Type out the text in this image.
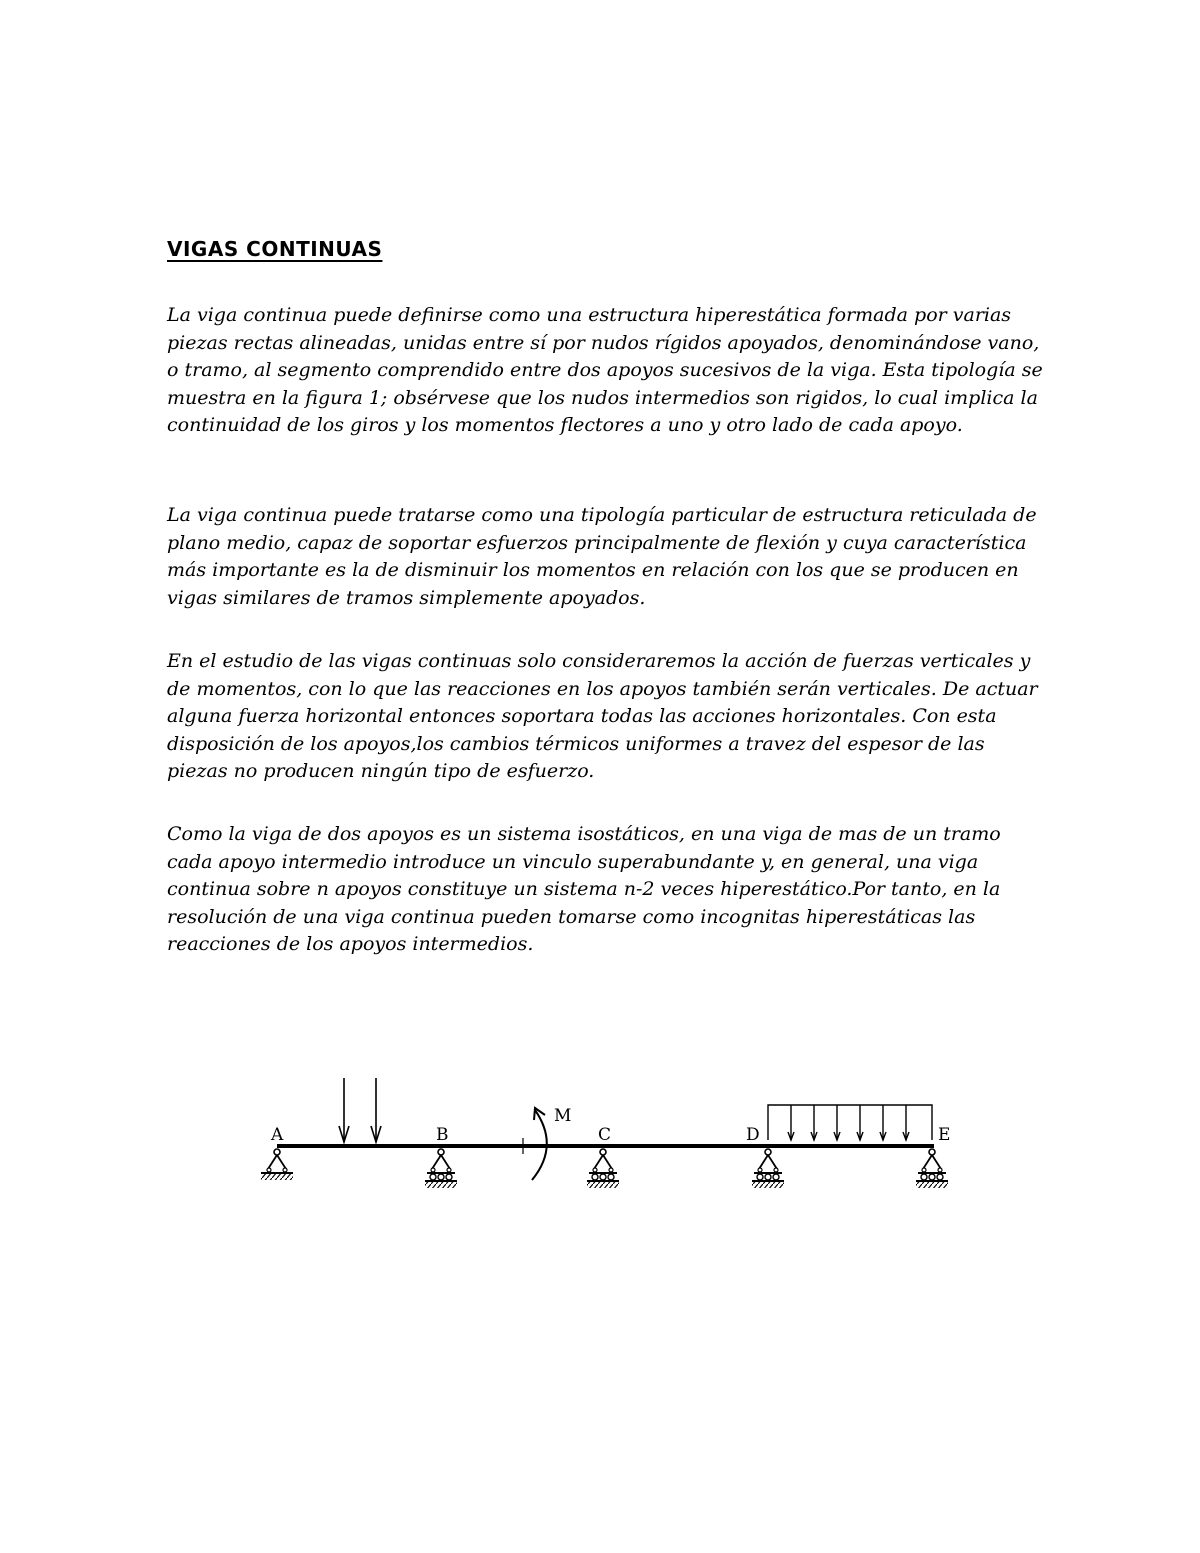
VIGAS CONTINUAS

La viga continua puede definirse como una estructura hiperestática formada por varias piezas rectas alineadas, unidas entre sí por nudos rígidos apoyados, denominándose vano, o tramo, al segmento comprendido entre dos apoyos sucesivos de la viga. Esta tipología se muestra en la figura 1; obsérvese que los nudos intermedios son rigidos, lo cual implica la continuidad de los giros y los momentos flectores a uno y otro lado de cada apoyo.

La viga continua puede tratarse como una tipología particular de estructura reticulada de plano medio, capaz de soportar esfuerzos principalmente de flexión y cuya característica más importante es la de disminuir los momentos en relación con los que se producen en vigas similares de tramos simplemente apoyados.

En el estudio de las vigas continuas solo consideraremos la acción de fuerzas verticales y de momentos, con lo que las reacciones en los apoyos también serán verticales. De actuar alguna fuerza horizontal entonces soportara todas las acciones horizontales. Con esta disposición de los apoyos,los cambios térmicos uniformes a travez del espesor de las piezas no producen ningún tipo de esfuerzo.

Como la viga de dos apoyos es un sistema isostáticos, en una viga de mas de un tramo cada apoyo intermedio introduce un vinculo superabundante y, en general, una viga continua sobre n apoyos constituye un sistema n-2 veces hiperestático.Por tanto, en la resolución de una viga continua pueden tomarse como incognitas hiperestáticas las reacciones de los apoyos intermedios.

A	B	C	D	E
M
